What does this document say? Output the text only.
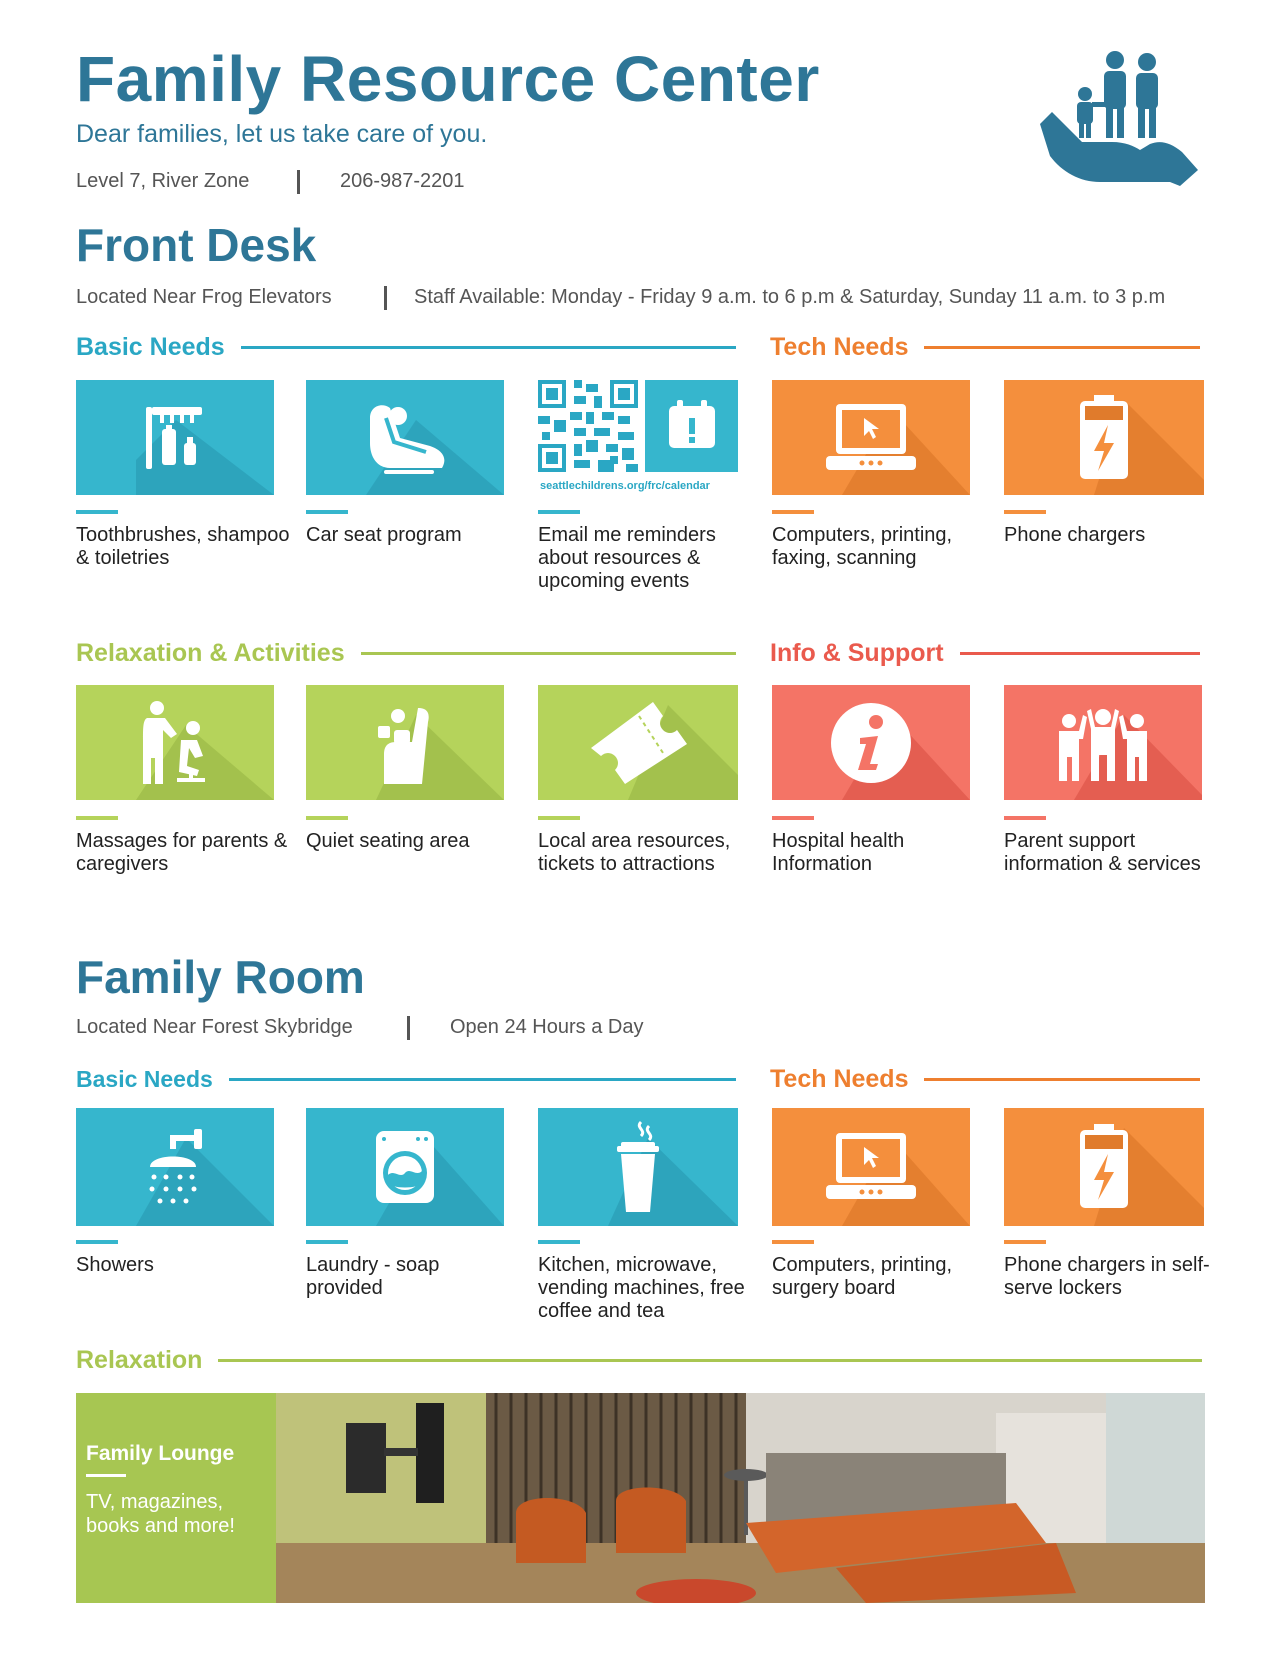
Family Resource Center
Dear families, let us take care of you.
Level 7, River Zone	206-987-2201
Front Desk
Located Near Frog Elevators	Staff Available: Monday - Friday 9 a.m. to 6 p.m & Saturday, Sunday 11 a.m. to 3 p.m
Basic Needs	Tech Needs
Toothbrushes, shampoo & toiletries
Car seat program
seattlechildrens.org/frc/calendar
Email me reminders about resources & upcoming events
Computers, printing, faxing, scanning
Phone chargers
Relaxation & Activities	Info & Support
Massages for parents & caregivers
Quiet seating area	Local area resources, tickets to attractions
Hospital health Information
Parent support information & services
Family Room
Located Near Forest Skybridge	Open 24 Hours a Day
Basic Needs	Tech Needs
Showers	Laundry - soap provided
Kitchen, microwave, vending machines, free coffee and tea
Computers, printing, surgery board
Phone chargers in self-serve lockers
Relaxation
Family Lounge
TV, magazines, books and more!
